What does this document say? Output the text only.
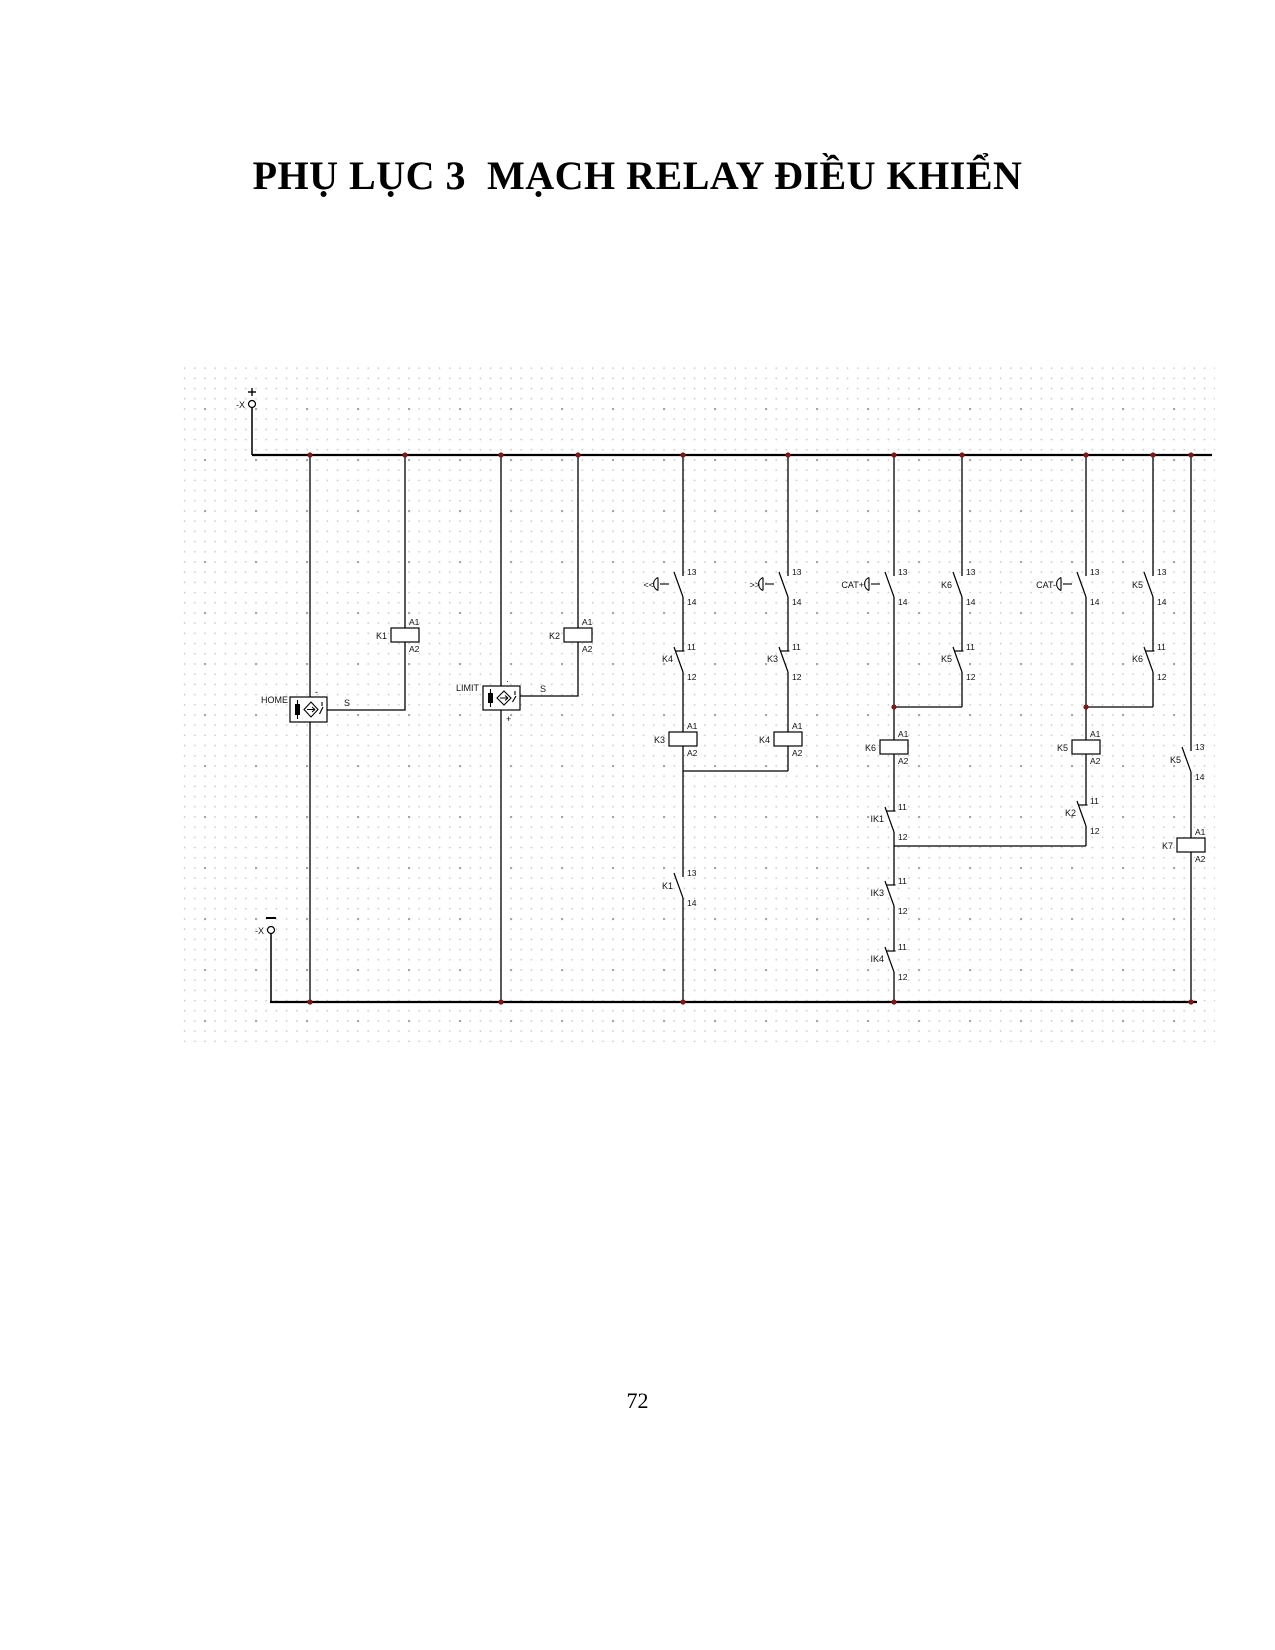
PHỤ LỤC 3  MẠCH RELAY ĐIỀU KHIỂN
-X
-X
HOME
-
S
LIMIT
·
+
S
13
14
<<
13
14
>>
13
14
CAT+
13
14
K6
13
14
CAT-
13
14
K5
11
12
K4
11
12
K3
11
12
K5
11
12
K6
13
14
K1
11
12
IK1
11
12
IK3
11
12
IK4
11
12
K2
13
14
K5
A1
A2
K1
A1
A2
K2
A1
A2
K3
A1
A2
K4
A1
A2
K6
A1
A2
K5
A1
A2
K7
72
